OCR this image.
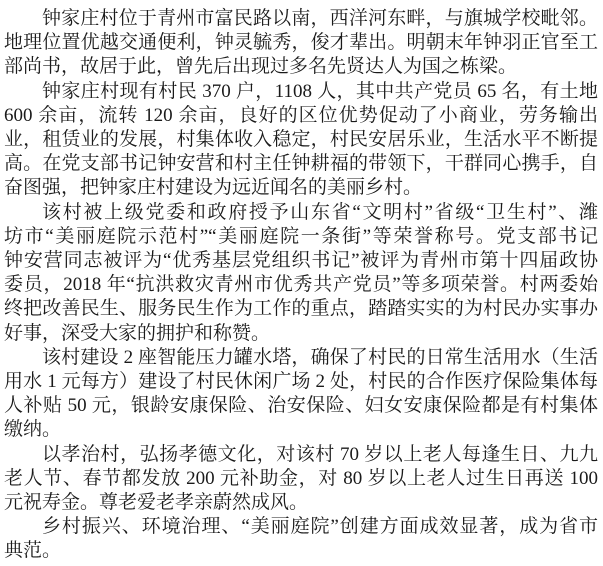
钟家庄村位于青州市富民路以南，西洋河东畔，与旗城学校毗邻。
地理位置优越交通便利，钟灵毓秀，俊才辈出。明朝末年钟羽正官至工
部尚书，故居于此，曾先后出现过多名先贤达人为国之栋梁。
钟家庄村现有村民 370 户，1108 人，其中共产党员 65 名，有土地
600 余亩，流转 120 余亩，良好的区位优势促动了小商业，劳务输出
业，租赁业的发展，村集体收入稳定，村民安居乐业，生活水平不断提
高。在党支部书记钟安营和村主任钟耕福的带领下，干群同心携手，自
奋图强，把钟家庄村建设为远近闻名的美丽乡村。
该村被上级党委和政府授予山东省“文明村”省级“卫生村”、潍
坊市“美丽庭院示范村”“美丽庭院一条街”等荣誉称号。党支部书记
钟安营同志被评为“优秀基层党组织书记”被评为青州市第十四届政协
委员，2018 年“抗洪救灾青州市优秀共产党员”等多项荣誉。村两委始
终把改善民生、服务民生作为工作的重点，踏踏实实的为村民办实事办
好事，深受大家的拥护和称赞。
该村建设 2 座智能压力罐水塔，确保了村民的日常生活用水（生活
用水 1 元每方）建设了村民休闲广场 2 处，村民的合作医疗保险集体每
人补贴 50 元，银龄安康保险、治安保险、妇女安康保险都是有村集体
缴纳。
以孝治村，弘扬孝德文化，对该村 70 岁以上老人每逢生日、九九
老人节、春节都发放 200 元补助金，对 80 岁以上老人过生日再送 100
元祝寿金。尊老爱老孝亲蔚然成风。
乡村振兴、环境治理、“美丽庭院”创建方面成效显著，成为省市
典范。
